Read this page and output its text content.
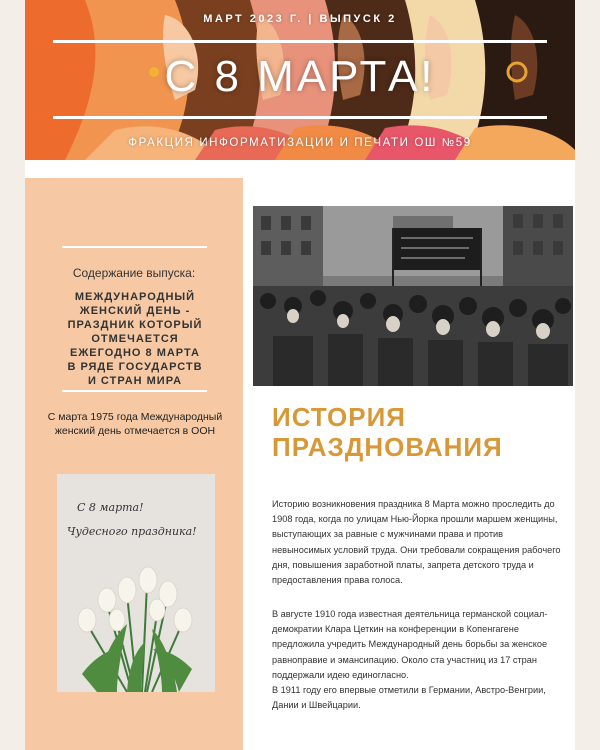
МАРТ 2023 Г. | ВЫПУСК 2
С 8 МАРТА!
ФРАКЦИЯ ИНФОРМАТИЗАЦИИ И ПЕЧАТИ ОШ №59
Содержание выпуска:
МЕЖДУНАРОДНЫЙ ЖЕНСКИЙ ДЕНЬ - ПРАЗДНИК КОТОРЫЙ ОТМЕЧАЕТСЯ ЕЖЕГОДНО 8 МАРТА В РЯДЕ ГОСУДАРСТВ И СТРАН МИРА
С марта 1975 года Международный женский день отмечается в ООН
С 8 марта!
Чудесного праздника!
ИСТОРИЯ ПРАЗДНОВАНИЯ
Историю возникновения праздника 8 Марта можно проследить до 1908 года, когда по улицам Нью-Йорка прошли маршем женщины, выступающих за равные с мужчинами права и против невыносимых условий труда. Они требовали сокращения рабочего дня, повышения заработной платы, запрета детского труда и предоставления права голоса.
В августе 1910 года известная деятельница германской социал-демократии Клара Цеткин на конференции в Копенгагене предложила учредить Международный день борьбы за женское равноправие и эмансипацию. Около ста участниц из 17 стран поддержали идею единогласно.
В 1911 году его впервые отметили в Германии, Австро-Венгрии, Дании и Швейцарии.
